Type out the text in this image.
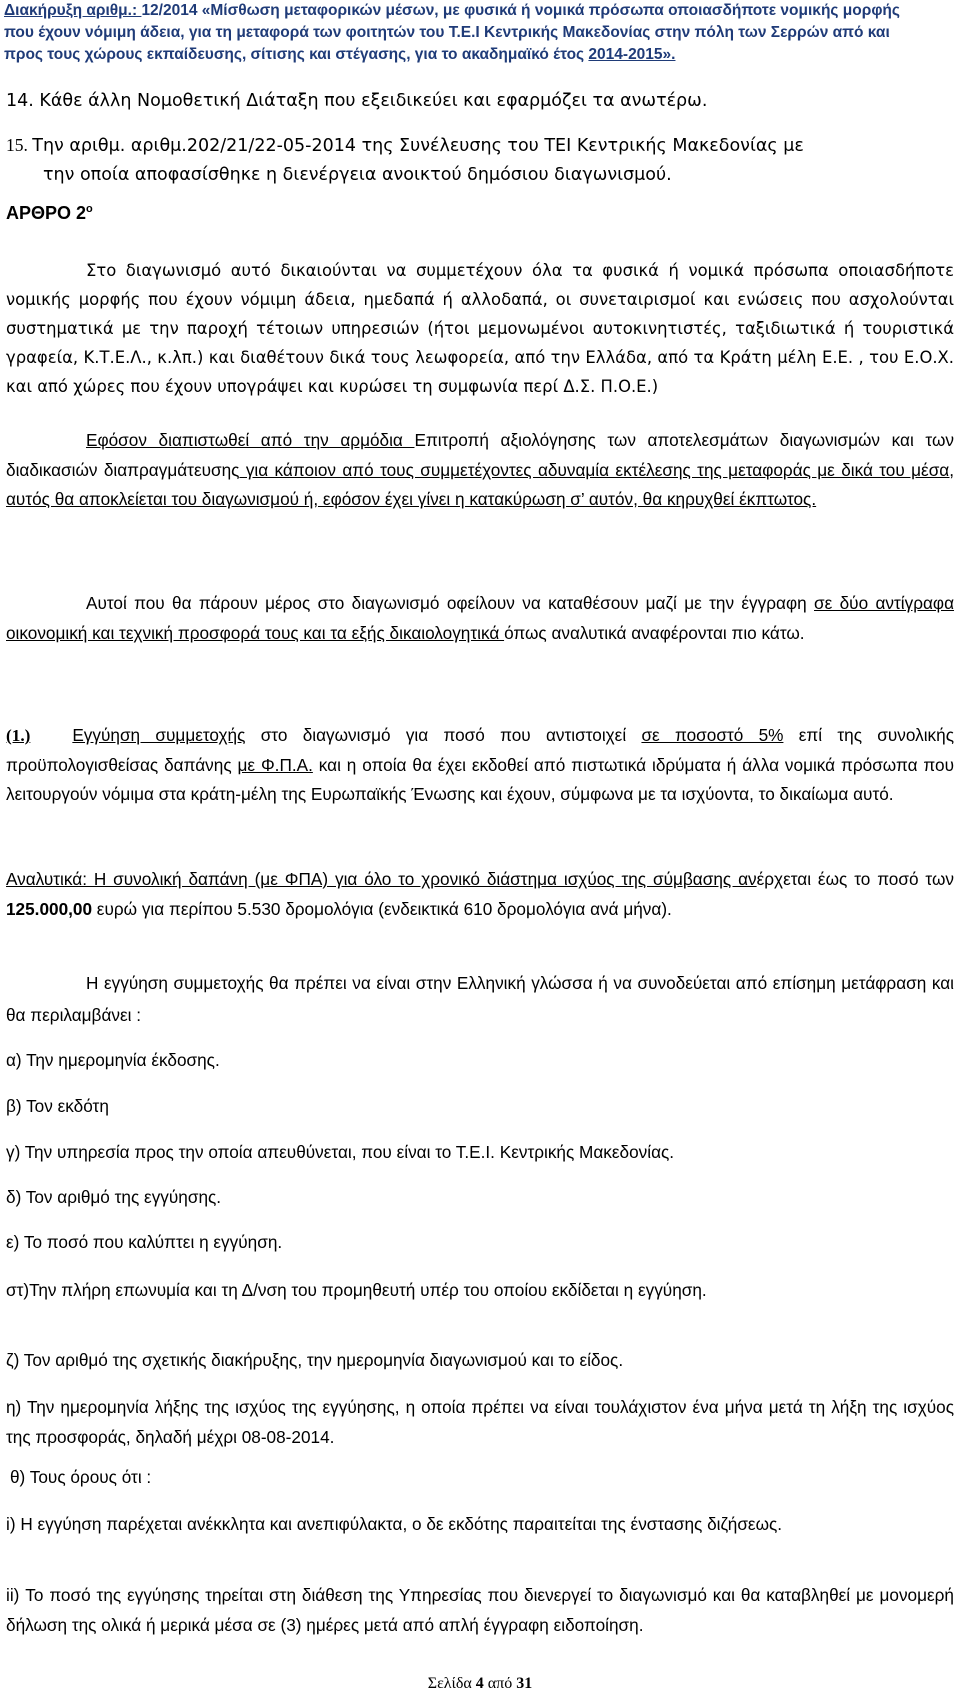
Διακήρυξη αριθμ.: 12/2014 «Μίσθωση μεταφορικών μέσων, με φυσικά ή νομικά πρόσωπα οποιασδήποτε νομικής μορφής
που έχουν νόμιμη άδεια, για τη μεταφορά των φοιτητών του Τ.Ε.Ι Κεντρικής Μακεδονίας στην πόλη των Σερρών από και
προς τους χώρους εκπαίδευσης, σίτισης και στέγασης, για το ακαδημαϊκό έτος 2014-2015».
14. Κάθε άλλη Νομοθετική Διάταξη που εξειδικεύει και εφαρμόζει τα ανωτέρω.
15. Την αριθμ. αριθμ.202/21/22-05-2014 της Συνέλευσης του ΤΕΙ Κεντρικής Μακεδονίας με
την οποία αποφασίσθηκε η διενέργεια ανοικτού δημόσιου διαγωνισμού.
ΑΡΘΡΟ $2^o$
Στο διαγωνισμό αυτό δικαιούνται να συμμετέχουν όλα τα φυσικά ή νομικά πρόσωπα οποιασδήποτε νομικής μορφής που έχουν νόμιμη άδεια, ημεδαπά ή αλλοδαπά, οι συνεταιρισμοί και ενώσεις που ασχολούνται συστηματικά με την παροχή τέτοιων υπηρεσιών (ήτοι μεμονωμένοι αυτοκινητιστές, ταξιδιωτικά ή τουριστικά γραφεία, Κ.Τ.Ε.Λ., κ.λπ.) και διαθέτουν δικά τους λεωφορεία, από την Ελλάδα, από τα Κράτη μέλη Ε.Ε. , του Ε.Ο.Χ. και από χώρες που έχουν υπογράψει και κυρώσει τη συμφωνία περί Δ.Σ. Π.Ο.Ε.)
Εφόσον διαπιστωθεί από την αρμόδια Επιτροπή αξιολόγησης των αποτελεσμάτων διαγωνισμών και των διαδικασιών διαπραγμάτευσης για κάποιον από τους συμμετέχοντες αδυναμία εκτέλεσης της μεταφοράς με δικά του μέσα, αυτός θα αποκλείεται του διαγωνισμού ή, εφόσον έχει γίνει η κατακύρωση σ’ αυτόν, θα κηρυχθεί έκπτωτος.
Αυτοί που θα πάρουν μέρος στο διαγωνισμό οφείλουν να καταθέσουν μαζί με την έγγραφη σε δύο αντίγραφα οικονομική και τεχνική προσφορά τους και τα εξής δικαιολογητικά όπως αναλυτικά αναφέρονται πιο κάτω.
(1.) Εγγύηση συμμετοχής στο διαγωνισμό για ποσό που αντιστοιχεί σε ποσοστό 5% επί της συνολικής προϋπολογισθείσας δαπάνης με Φ.Π.Α. και η οποία θα έχει εκδοθεί από πιστωτικά ιδρύματα ή άλλα νομικά πρόσωπα που λειτουργούν νόμιμα στα κράτη-μέλη της Ευρωπαϊκής Ένωσης και έχουν, σύμφωνα με τα ισχύοντα, το δικαίωμα αυτό.
Αναλυτικά: Η συνολική δαπάνη (με ΦΠΑ) για όλο το χρονικό διάστημα ισχύος της σύμβασης ανέρχεται έως το ποσό των 125.000,00 ευρώ για περίπου 5.530 δρομολόγια (ενδεικτικά 610 δρομολόγια ανά μήνα).
Η εγγύηση συμμετοχής θα πρέπει να είναι στην Ελληνική γλώσσα ή να συνοδεύεται από επίσημη μετάφραση και θα περιλαμβάνει :
α) Την ημερομηνία έκδοσης.
β) Τον εκδότη
γ) Την υπηρεσία προς την οποία απευθύνεται, που είναι το Τ.Ε.Ι. Κεντρικής Μακεδονίας.
δ) Τον αριθμό της εγγύησης.
ε) Το ποσό που καλύπτει η εγγύηση.
στ)Την πλήρη επωνυμία και τη Δ/νση του προμηθευτή υπέρ του οποίου εκδίδεται η εγγύηση.
ζ) Τον αριθμό της σχετικής διακήρυξης, την ημερομηνία διαγωνισμού και το είδος.
η) Την ημερομηνία λήξης της ισχύος της εγγύησης, η οποία πρέπει να είναι τουλάχιστον ένα μήνα μετά τη λήξη της ισχύος της προσφοράς, δηλαδή μέχρι 08-08-2014.
θ) Τους όρους ότι :
i) Η εγγύηση παρέχεται ανέκκλητα και ανεπιφύλακτα, ο δε εκδότης παραιτείται της ένστασης διζήσεως.
ii) Το ποσό της εγγύησης τηρείται στη διάθεση της Υπηρεσίας που διενεργεί το διαγωνισμό και θα καταβληθεί με μονομερή δήλωση της ολικά ή μερικά μέσα σε (3) ημέρες μετά από απλή έγγραφη ειδοποίηση.
Σελίδα 4 από 31
